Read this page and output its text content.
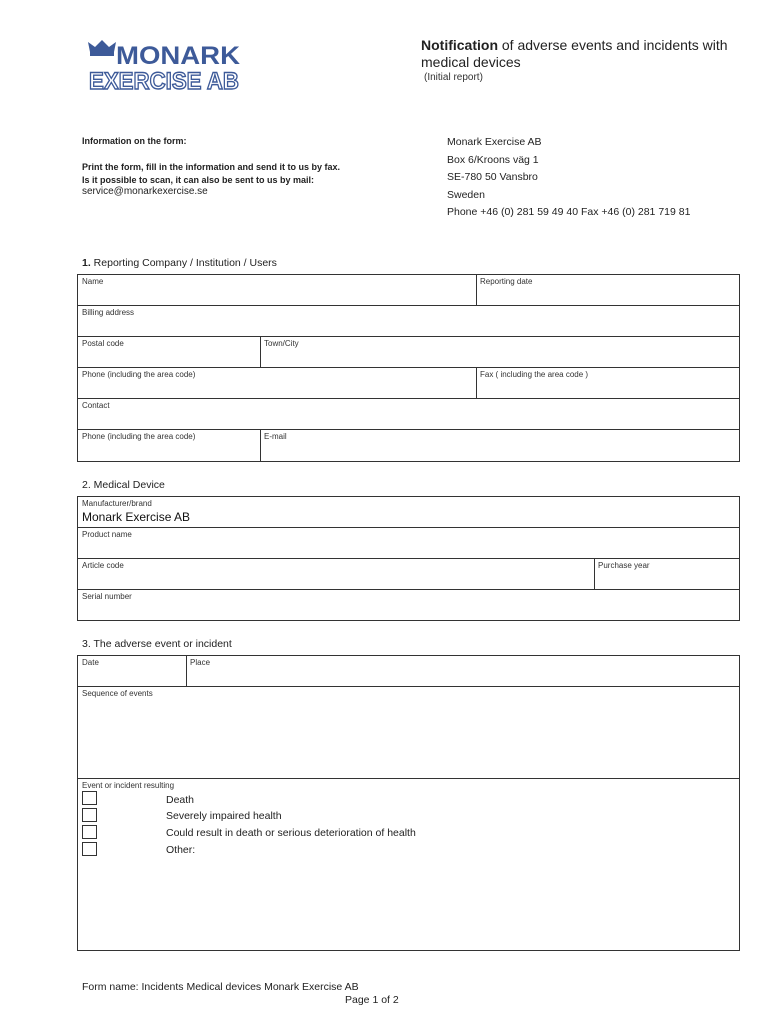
MONARK
EXERCISE AB
Notification of adverse events and incidents with medical devices
(Initial report)
Information on the form:
Print the form, fill in the information and send it to us by fax.
Is it possible to scan, it can also be sent to us by mail:
service@monarkexercise.se
Monark Exercise AB
Box 6/Kroons väg 1
SE-780 50 Vansbro
Sweden
Phone +46 (0) 281 59 49 40 Fax +46 (0) 281 719 81
1. Reporting Company / Institution / Users
Name	Reporting date
Billing address
Postal code	Town/City
Phone (including the area code)	Fax ( including the area code )
Contact
Phone (including the area code)	E-mail
2. Medical Device
Manufacturer/brand
Monark Exercise AB
Product name
Article code	Purchase year
Serial number
3. The adverse event or incident
Date	Place
Sequence of events
Event or incident resulting
Death
Severely impaired health
Could result in death or serious deterioration of health
Other:
Form name: Incidents Medical devices Monark Exercise AB
Page 1 of 2
